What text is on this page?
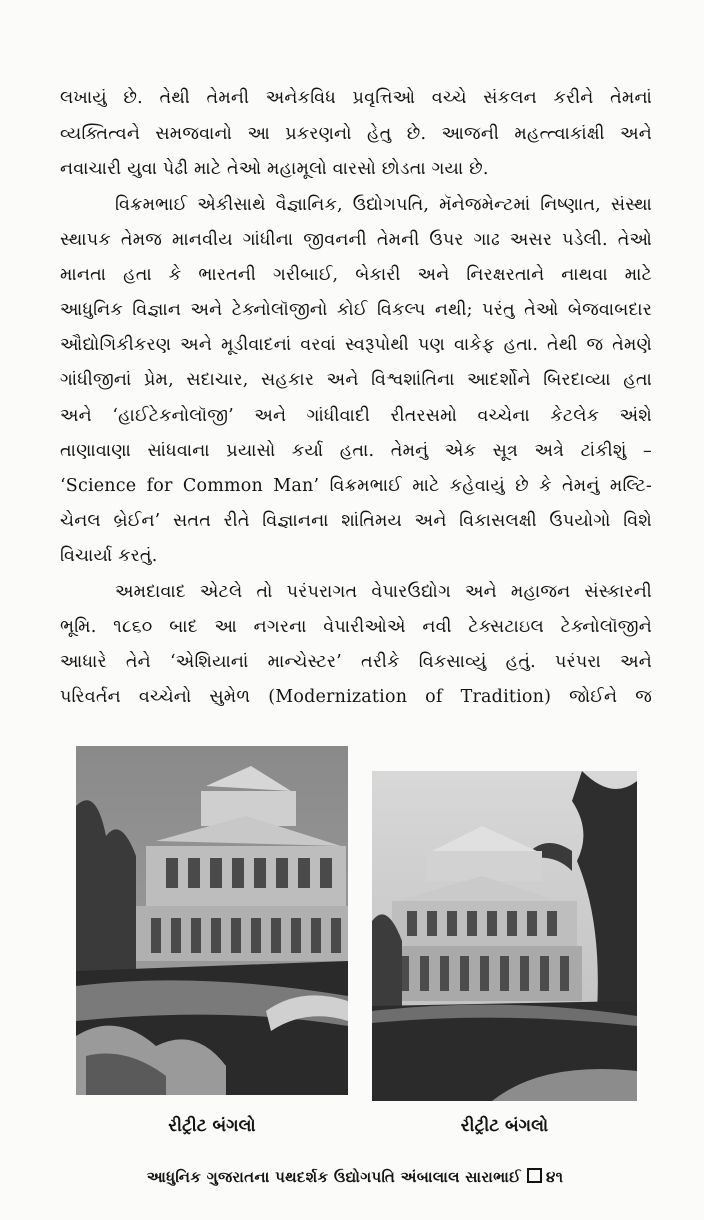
લખાયું છે. તેથી તેમની અનેકવિધ પ્રવૃત્તિઓ વચ્ચે સંકલન કરીને તેમનાં
વ્યક્તિત્વને સમજવાનો આ પ્રકરણનો હેતુ છે. આજની મહત્ત્વાકાંક્ષી અને
નવાચારી યુવા પેઢી માટે તેઓ મહામૂલો વારસો છોડતા ગયા છે.
વિક્રમભાઈ એકીસાથે વૈજ્ઞાનિક, ઉદ્યોગપતિ, મૅનેજમેન્ટમાં નિષ્ણાત, સંસ્થા
સ્થાપક તેમજ માનવીય ગાંધીના જીવનની તેમની ઉપર ગાઢ અસર પડેલી. તેઓ
માનતા હતા કે ભારતની ગરીબાઈ, બેકારી અને નિરક્ષરતાને નાથવા માટે
આધુનિક વિજ્ઞાન અને ટેક્નોલૉજીનો કોઈ વિકલ્પ નથી; પરંતુ તેઓ બેજવાબદાર
ઔદ્યોગિકીકરણ અને મૂડીવાદનાં વરવાં સ્વરૂપોથી પણ વાકેફ હતા. તેથી જ તેમણે
ગાંધીજીનાં પ્રેમ, સદાચાર, સહકાર અને વિશ્વશાંતિના આદર્શોને બિરદાવ્યા હતા
અને ‘હાઈટેકનોલૉજી’ અને ગાંધીવાદી રીતરસમો વચ્ચેના કેટલેક અંશે
તાણાવાણા સાંધવાના પ્રયાસો કર્યા હતા. તેમનું એક સૂત્ર અત્રે ટાંકીશું –
‘Science for Common Man’ વિક્રમભાઈ માટે કહેવાયું છે કે તેમનું મલ્ટિ-
ચેનલ બ્રેઈન’ સતત રીતે વિજ્ઞાનના શાંતિમય અને વિકાસલક્ષી ઉપયોગો વિશે
વિચાર્યા કરતું.
અમદાવાદ એટલે તો પરંપરાગત વેપારઉદ્યોગ અને મહાજન સંસ્કારની
ભૂમિ. ૧૮૬૦ બાદ આ નગરના વેપારીઓએ નવી ટેક્સટાઇલ ટેક્નોલૉજીને
આધારે તેને ‘એશિયાનાં માન્ચેસ્ટર’ તરીકે વિકસાવ્યું હતું. પરંપરા અને
પરિવર્તન વચ્ચેનો સુમેળ (Modernization of Tradition) જોઈને જ
રીટ્રીટ બંગલો	રીટ્રીટ બંગલો
આધુનિક ગુજરાતના પથદર્શક ઉદ્યોગપતિ અંબાલાલ સારાભાઈ ૪૧
